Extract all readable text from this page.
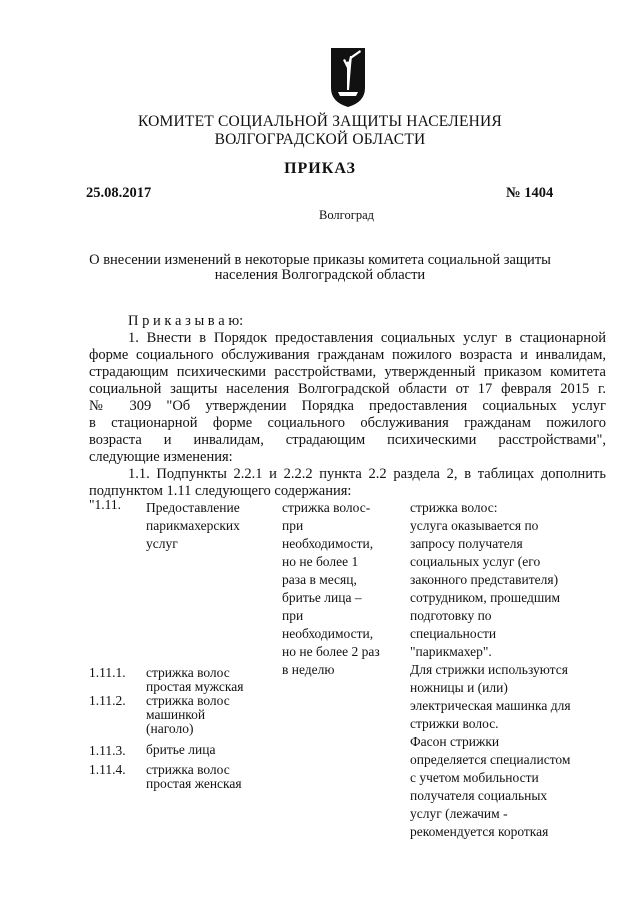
КОМИТЕТ СОЦИАЛЬНОЙ ЗАЩИТЫ НАСЕЛЕНИЯ
ВОЛГОГРАДСКОЙ ОБЛАСТИ
ПРИКАЗ
25.08.2017	№ 1404
Волгоград
О внесении изменений в некоторые приказы комитета социальной защиты
населения Волгоградской области
П р и к а з ы в а ю:
1. Внести в Порядок предоставления социальных услуг в стационарной
форме социального обслуживания гражданам пожилого возраста и инвалидам,
страдающим психическими расстройствами, утвержденный приказом комитета
социальной защиты населения Волгоградской области от 17 февраля 2015 г.
№ 309 "Об утверждении Порядка предоставления социальных услуг
в стационарной форме социального обслуживания гражданам пожилого
возраста и инвалидам, страдающим психическими расстройствами",
следующие изменения:
1.1. Подпункты 2.2.1 и 2.2.2 пункта 2.2 раздела 2, в таблицах дополнить
подпунктом 1.11 следующего содержания:
"1.11. Предоставление
парикмахерских
услуг
стрижка волос-
при
необходимости,
но не более 1
раза в месяц,
бритье лица –
при
необходимости,
но не более 2 раз
в неделю
стрижка волос:
услуга оказывается по
запросу получателя
социальных услуг (его
законного представителя)
сотрудником, прошедшим
подготовку по
специальности
"парикмахер".
Для стрижки используются
ножницы и (или)
электрическая машинка для
стрижки волос.
Фасон стрижки
определяется специалистом
с учетом мобильности
получателя социальных
услуг (лежачим -
рекомендуется короткая
1.11.1. стрижка волос
простая мужская
1.11.2. стрижка волос
машинкой
(наголо)
1.11.3. бритье лица
1.11.4. стрижка волос
простая женская
